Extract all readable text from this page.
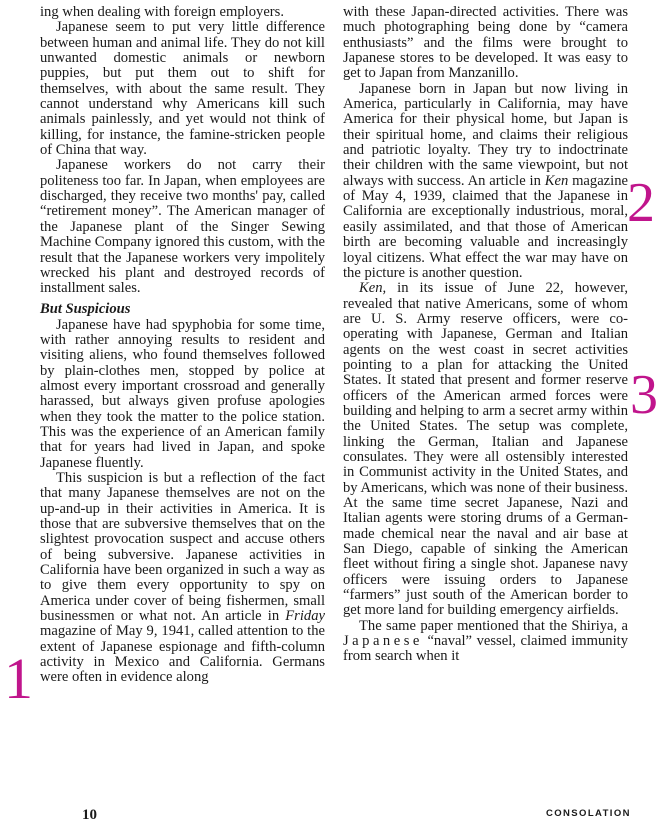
ing when dealing with foreign employers.

Japanese seem to put very little difference between human and animal life. They do not kill unwanted domestic animals or newborn puppies, but put them out to shift for themselves, with about the same result. They cannot understand why Americans kill such animals painlessly, and yet would not think of killing, for instance, the famine-stricken people of China that way.

Japanese workers do not carry their politeness too far. In Japan, when employees are discharged, they receive two months' pay, called “retirement money”. The American manager of the Japanese plant of the Singer Sewing Machine Company ignored this custom, with the result that the Japanese workers very impolitely wrecked his plant and destroyed records of installment sales.

But Suspicious

Japanese have had spyphobia for some time, with rather annoying results to resident and visiting aliens, who found themselves followed by plain-clothes men, stopped by police at almost every important crossroad and generally harassed, but always given profuse apologies when they took the matter to the police station. This was the experience of an American family that for years had lived in Japan, and spoke Japanese fluently.

This suspicion is but a reflection of the fact that many Japanese themselves are not on the up-and-up in their activities in America. It is those that are subversive themselves that on the slightest provocation suspect and accuse others of being subversive. Japanese activities in California have been organized in such a way as to give them every opportunity to spy on America under cover of being fishermen, small businessmen or what not. An article in Friday magazine of May 9, 1941, called attention to the extent of Japanese espionage and fifth-column activity in Mexico and California. Germans were often in evidence along

with these Japan-directed activities. There was much photographing being done by “camera enthusiasts” and the films were brought to Japanese stores to be developed. It was easy to get to Japan from Manzanillo.

Japanese born in Japan but now living in America, particularly in California, may have America for their physical home, but Japan is their spiritual home, and claims their religious and patriotic loyalty. They try to indoctrinate their children with the same viewpoint, but not always with success. An article in Ken magazine of May 4, 1939, claimed that the Japanese in California are exceptionally industrious, moral, easily assimilated, and that those of American birth are becoming valuable and increasingly loyal citizens. What effect the war may have on the picture is another question.

Ken, in its issue of June 22, however, revealed that native Americans, some of whom are U. S. Army reserve officers, were co-operating with Japanese, German and Italian agents on the west coast in secret activities pointing to a plan for attacking the United States. It stated that present and former reserve officers of the American armed forces were building and helping to arm a secret army within the United States. The setup was complete, linking the German, Italian and Japanese consulates. They were all ostensibly interested in Communist activity in the United States, and by Americans, which was none of their business. At the same time secret Japanese, Nazi and Italian agents were storing drums of a German-made chemical near the naval and air base at San Diego, capable of sinking the American fleet without firing a single shot. Japanese navy officers were issuing orders to Japanese “farmers” just south of the American border to get more land for building emergency airfields.

The same paper mentioned that the Shiriya, a Japanese “naval” vessel, claimed immunity from search when it

1
2
3
10	CONSOLATION
